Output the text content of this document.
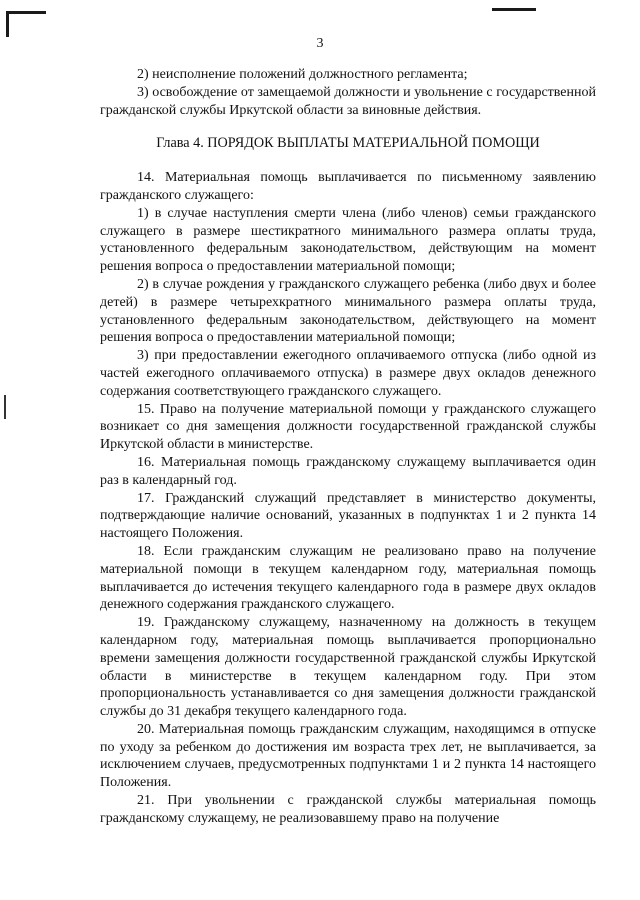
3

2) неисполнение положений должностного регламента;

3) освобождение от замещаемой должности и увольнение с государственной гражданской службы Иркутской области за виновные действия.

Глава 4. ПОРЯДОК ВЫПЛАТЫ МАТЕРИАЛЬНОЙ ПОМОЩИ

14. Материальная помощь выплачивается по письменному заявлению гражданского служащего:

1) в случае наступления смерти члена (либо членов) семьи гражданского служащего в размере шестикратного минимального размера оплаты труда, установленного федеральным законодательством, действующим на момент решения вопроса о предоставлении материальной помощи;

2) в случае рождения у гражданского служащего ребенка (либо двух и более детей) в размере четырехкратного минимального размера оплаты труда, установленного федеральным законодательством, действующего на момент решения вопроса о предоставлении материальной помощи;

3) при предоставлении ежегодного оплачиваемого отпуска (либо одной из частей ежегодного оплачиваемого отпуска) в размере двух окладов денежного содержания соответствующего гражданского служащего.

15. Право на получение материальной помощи у гражданского служащего возникает со дня замещения должности государственной гражданской службы Иркутской области в министерстве.

16. Материальная помощь гражданскому служащему выплачивается один раз в календарный год.

17. Гражданский служащий представляет в министерство документы, подтверждающие наличие оснований, указанных в подпунктах 1 и 2 пункта 14 настоящего Положения.

18. Если гражданским служащим не реализовано право на получение материальной помощи в текущем календарном году, материальная помощь выплачивается до истечения текущего календарного года в размере двух окладов денежного содержания гражданского служащего.

19. Гражданскому служащему, назначенному на должность в текущем календарном году, материальная помощь выплачивается пропорционально времени замещения должности государственной гражданской службы Иркутской области в министерстве в текущем календарном году. При этом пропорциональность устанавливается со дня замещения должности гражданской службы до 31 декабря текущего календарного года.

20. Материальная помощь гражданским служащим, находящимся в отпуске по уходу за ребенком до достижения им возраста трех лет, не выплачивается, за исключением случаев, предусмотренных подпунктами 1 и 2 пункта 14 настоящего Положения.

21. При увольнении с гражданской службы материальная помощь гражданскому служащему, не реализовавшему право на получение
